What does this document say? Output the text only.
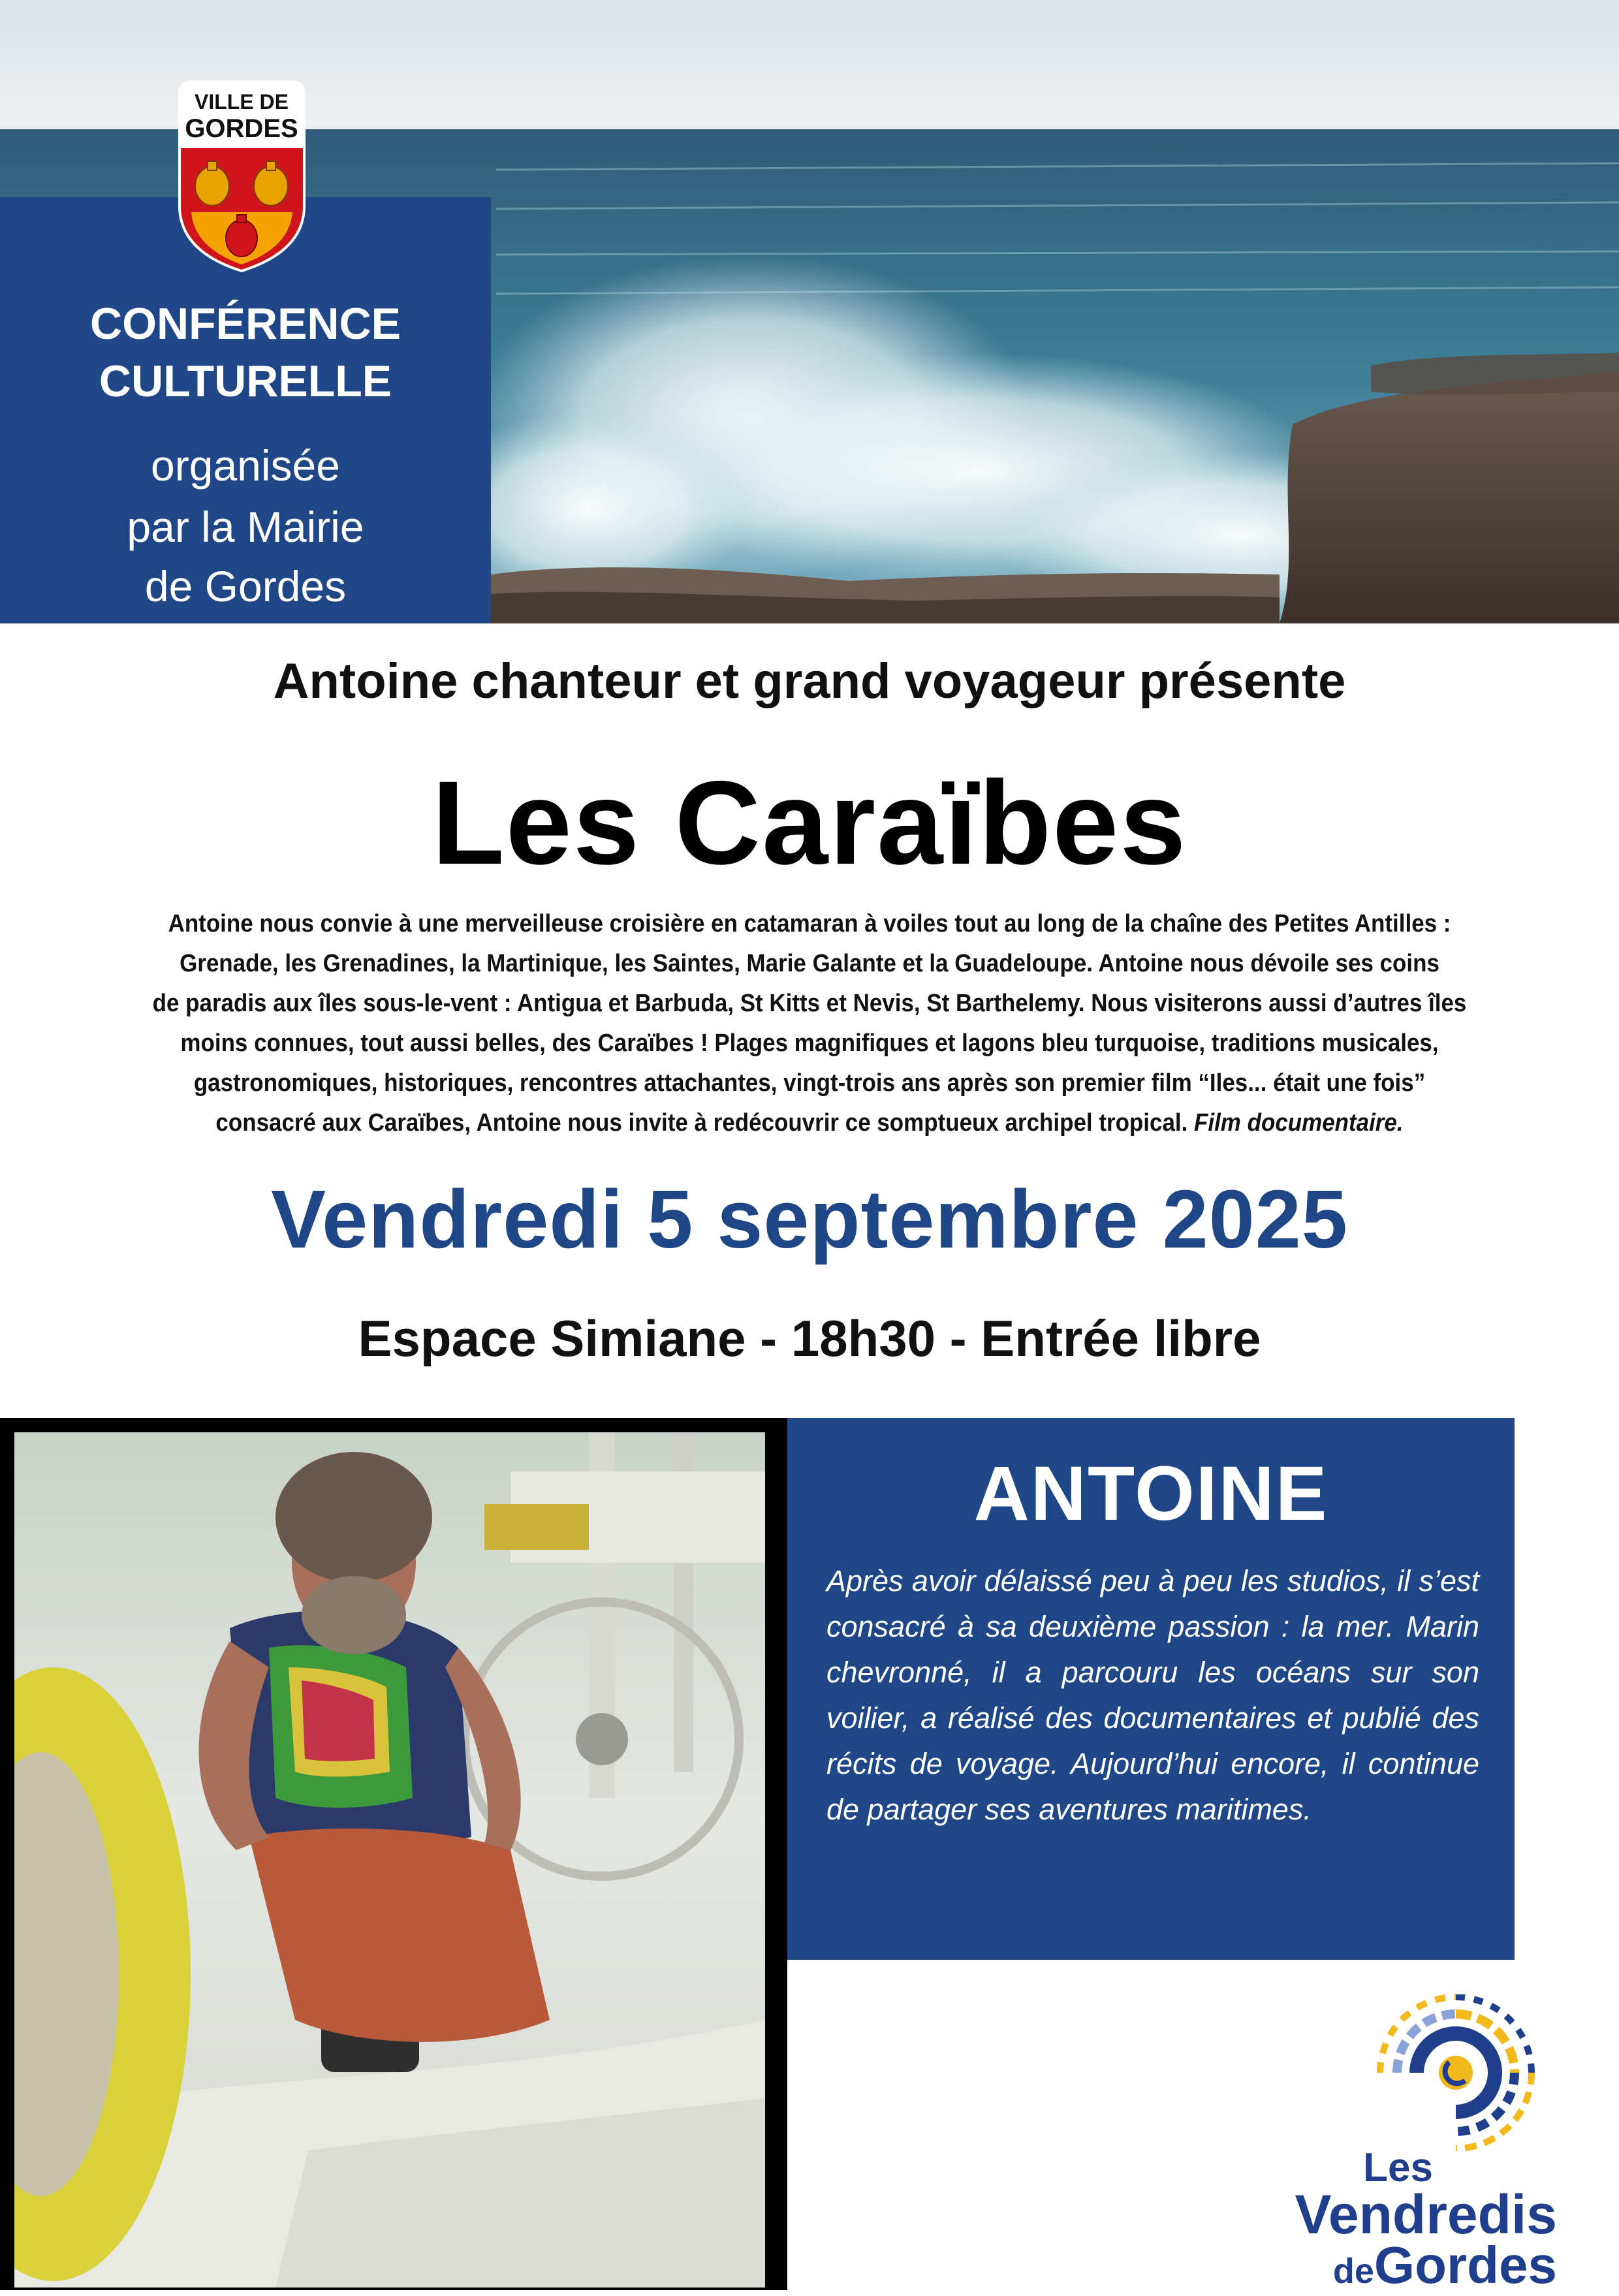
CONFÉRENCE
CULTURELLE
organisée
par la Mairie
de Gordes
VILLE DE
GORDES
Antoine chanteur et grand voyageur présente
Les Caraïbes
Antoine nous convie à une merveilleuse croisière en catamaran à voiles tout au long de la chaîne des Petites Antilles :
Grenade, les Grenadines, la Martinique, les Saintes, Marie Galante et la Guadeloupe. Antoine nous dévoile ses coins
de paradis aux îles sous-le-vent : Antigua et Barbuda, St Kitts et Nevis, St Barthelemy. Nous visiterons aussi d’autres îles
moins connues, tout aussi belles, des Caraïbes ! Plages magnifiques et lagons bleu turquoise, traditions musicales,
gastronomiques, historiques, rencontres attachantes, vingt-trois ans après son premier film “Iles... était une fois”
consacré aux Caraïbes, Antoine nous invite à redécouvrir ce somptueux archipel tropical. Film documentaire.
Vendredi 5 septembre 2025
Espace Simiane - 18h30 - Entrée libre
ANTOINE
Après avoir délaissé peu à peu les studios, il s’est consacré à sa deuxième passion : la mer. Marin chevronné, il a parcouru les océans sur son voilier, a réalisé des documentaires et publié des récits de voyage. Aujourd’hui encore, il continue de partager ses aventures maritimes.
Les
Vendredis
deGordes
